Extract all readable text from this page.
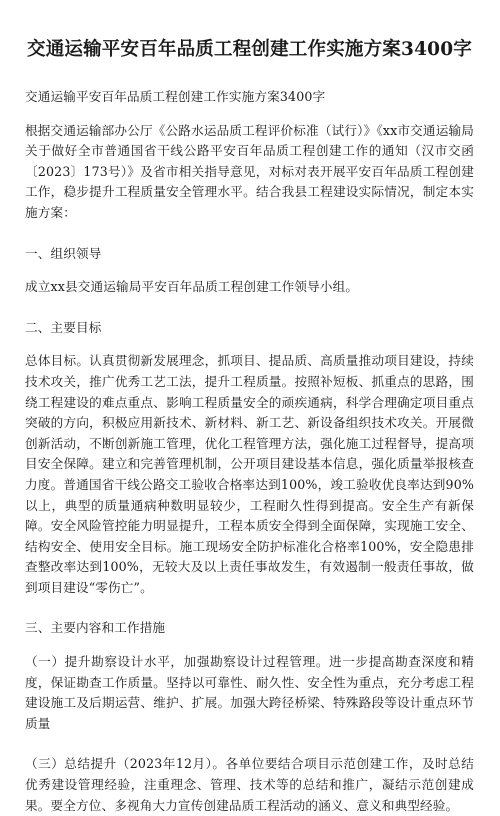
交通运输平安百年品质工程创建工作实施方案3400字

交通运输平安百年品质工程创建工作实施方案3400字

根据交通运输部办公厅《公路水运品质工程评价标准（试行）》《xx市交通运输局关于做好全市普通国省干线公路平安百年品质工程创建工作的通知（汉市交函〔2023〕173号）》及省市相关指导意见，对标对表开展平安百年品质工程创建工作，稳步提升工程质量安全管理水平。结合我县工程建设实际情况，制定本实施方案：

一、组织领导

成立xx县交通运输局平安百年品质工程创建工作领导小组。

二、主要目标

总体目标。认真贯彻新发展理念，抓项目、提品质、高质量推动项目建设，持续技术攻关，推广优秀工艺工法，提升工程质量。按照补短板、抓重点的思路，围绕工程建设的难点重点、影响工程质量安全的顽疾通病，科学合理确定项目重点突破的方向，积极应用新技术、新材料、新工艺、新设备组织技术攻关。开展微创新活动，不断创新施工管理，优化工程管理方法，强化施工过程督导，提高项目安全保障。建立和完善管理机制，公开项目建设基本信息，强化质量举报核查力度。普通国省干线公路交工验收合格率达到100%，竣工验收优良率达到90%以上，典型的质量通病种数明显较少，工程耐久性得到提高。安全生产有新保障。安全风险管控能力明显提升，工程本质安全得到全面保障，实现施工安全、结构安全、使用安全目标。施工现场安全防护标准化合格率100%，安全隐患排查整改率达到100%，无较大及以上责任事故发生，有效遏制一般责任事故，做到项目建设“零伤亡”。

三、主要内容和工作措施

（一）提升勘察设计水平，加强勘察设计过程管理。进一步提高勘查深度和精度，保证勘查工作质量。坚持以可靠性、耐久性、安全性为重点，充分考虑工程建设施工及后期运营、维护、扩展。加强大跨径桥梁、特殊路段等设计重点环节质量

（三）总结提升（2023年12月）。各单位要结合项目示范创建工作，及时总结优秀建设管理经验，注重理念、管理、技术等的总结和推广，凝结示范创建成果。要全方位、多视角大力宣传创建品质工程活动的涵义、意义和典型经验。
